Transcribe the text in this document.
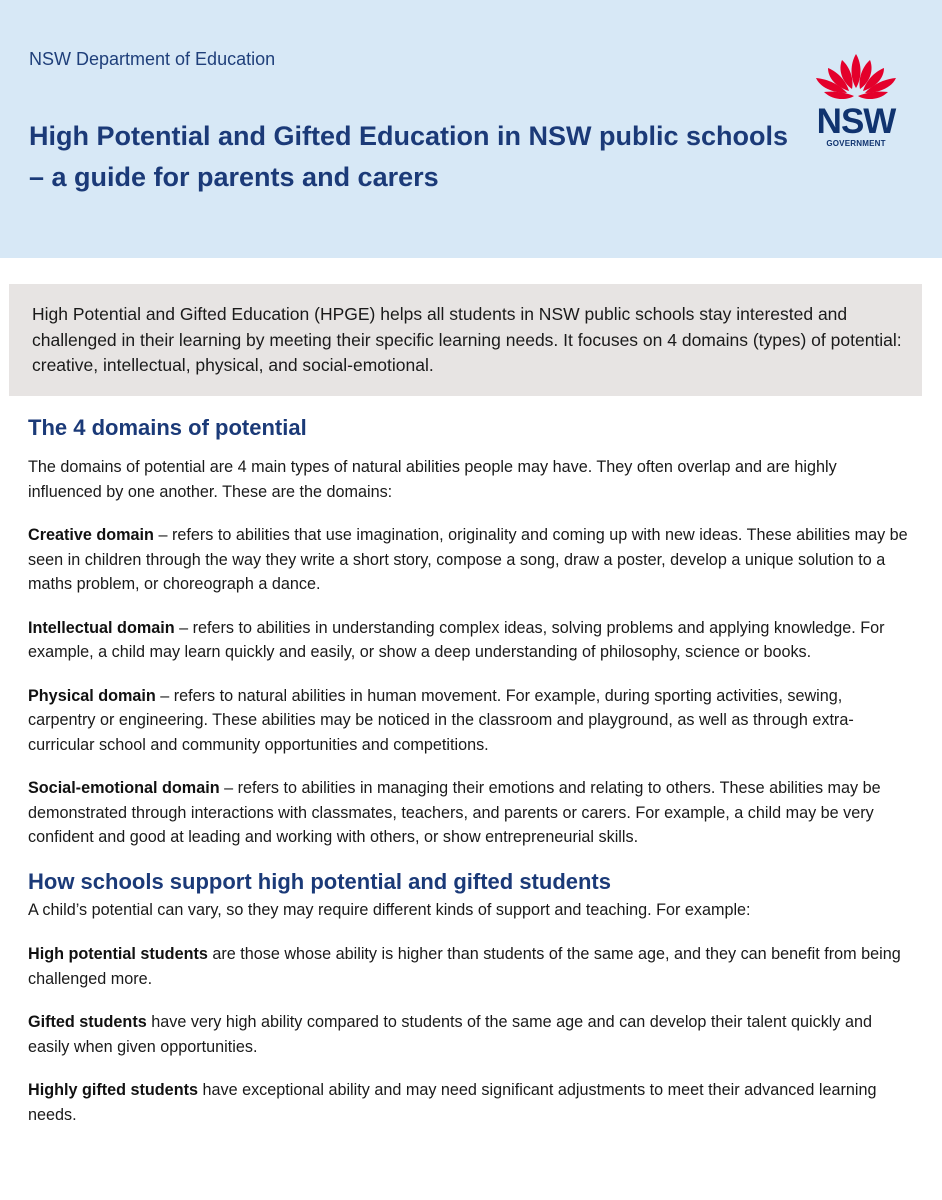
NSW Department of Education
High Potential and Gifted Education in NSW public schools
– a guide for parents and carers
NSW
GOVERNMENT

High Potential and Gifted Education (HPGE) helps all students in NSW public schools stay interested and challenged in their learning by meeting their specific learning needs. It focuses on 4 domains (types) of potential: creative, intellectual, physical, and social-emotional.

The 4 domains of potential

The domains of potential are 4 main types of natural abilities people may have. They often overlap and are highly influenced by one another. These are the domains:

Creative domain – refers to abilities that use imagination, originality and coming up with new ideas. These abilities may be seen in children through the way they write a short story, compose a song, draw a poster, develop a unique solution to a maths problem, or choreograph a dance.

Intellectual domain – refers to abilities in understanding complex ideas, solving problems and applying knowledge. For example, a child may learn quickly and easily, or show a deep understanding of philosophy, science or books.

Physical domain – refers to natural abilities in human movement. For example, during sporting activities, sewing, carpentry or engineering. These abilities may be noticed in the classroom and playground, as well as through extra-curricular school and community opportunities and competitions.

Social-emotional domain – refers to abilities in managing their emotions and relating to others. These abilities may be demonstrated through interactions with classmates, teachers, and parents or carers. For example, a child may be very confident and good at leading and working with others, or show entrepreneurial skills.

How schools support high potential and gifted students

A child’s potential can vary, so they may require different kinds of support and teaching. For example:

High potential students are those whose ability is higher than students of the same age, and they can benefit from being challenged more.

Gifted students have very high ability compared to students of the same age and can develop their talent quickly and easily when given opportunities.

Highly gifted students have exceptional ability and may need significant adjustments to meet their advanced learning needs.
